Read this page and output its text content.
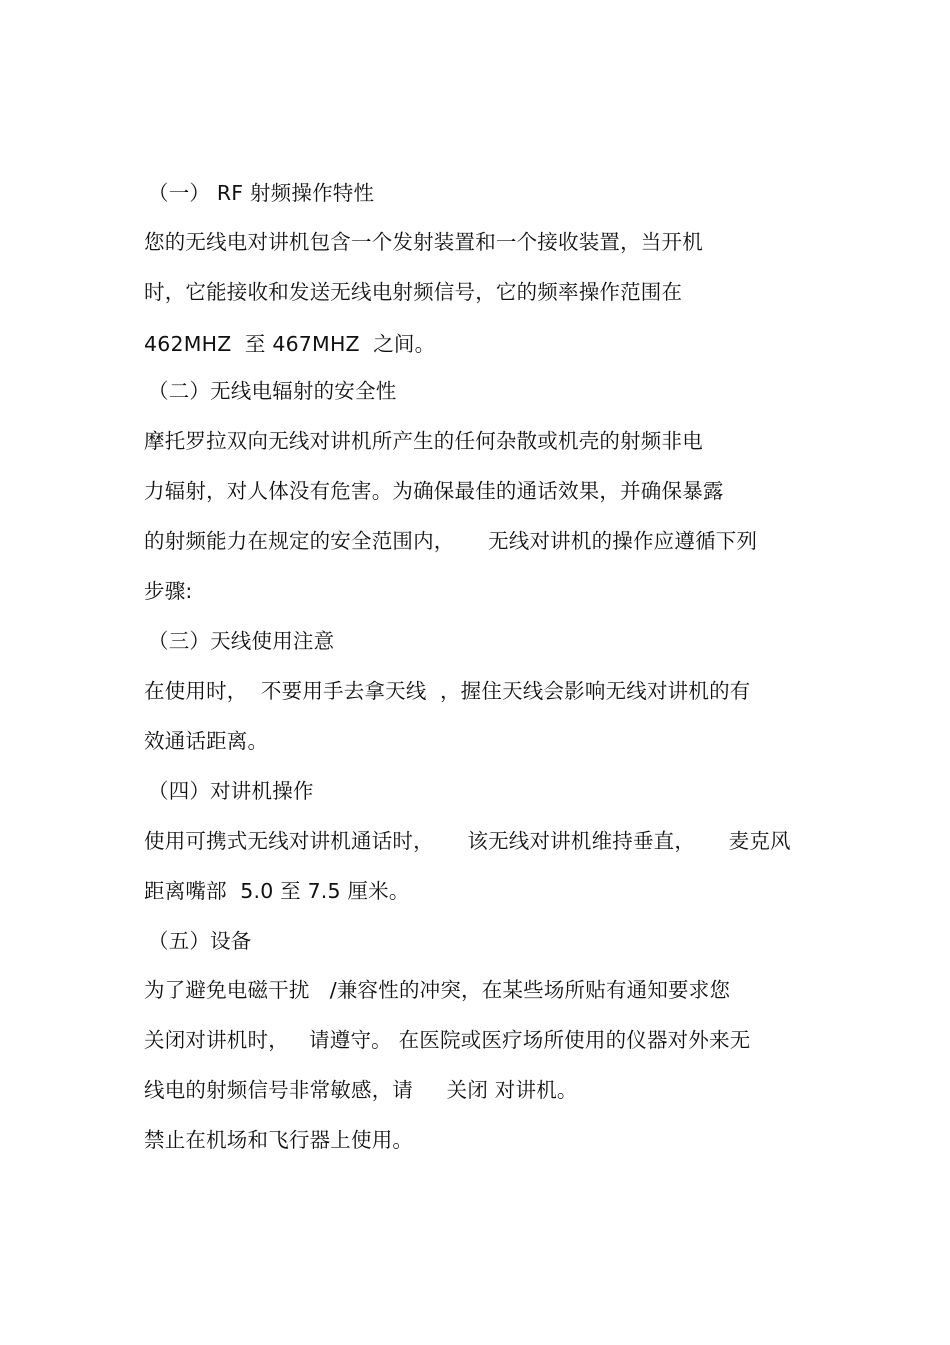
（一） RF 射频操作特性
您的无线电对讲机包含一个发射装置和一个接收装置，当开机
时，它能接收和发送无线电射频信号，它的频率操作范围在
462MHZ  至 467MHZ  之间。
（二）无线电辐射的安全性
摩托罗拉双向无线对讲机所产生的任何杂散或机壳的射频非电
力辐射，对人体没有危害。为确保最佳的通话效果，并确保暴露
的射频能力在规定的安全范围内，     无线对讲机的操作应遵循下列
步骤:
（三）天线使用注意
在使用时，  不要用手去拿天线  ，握住天线会影响无线对讲机的有
效通话距离。
（四）对讲机操作
使用可携式无线对讲机通话时，     该无线对讲机维持垂直，     麦克风
距离嘴部  5.0 至 7.5 厘米。
（五）设备
为了避免电磁干扰   /兼容性的冲突，在某些场所贴有通知要求您
关闭对讲机时，   请遵守。 在医院或医疗场所使用的仪器对外来无
线电的射频信号非常敏感，请     关闭 对讲机。
禁止在机场和飞行器上使用。
